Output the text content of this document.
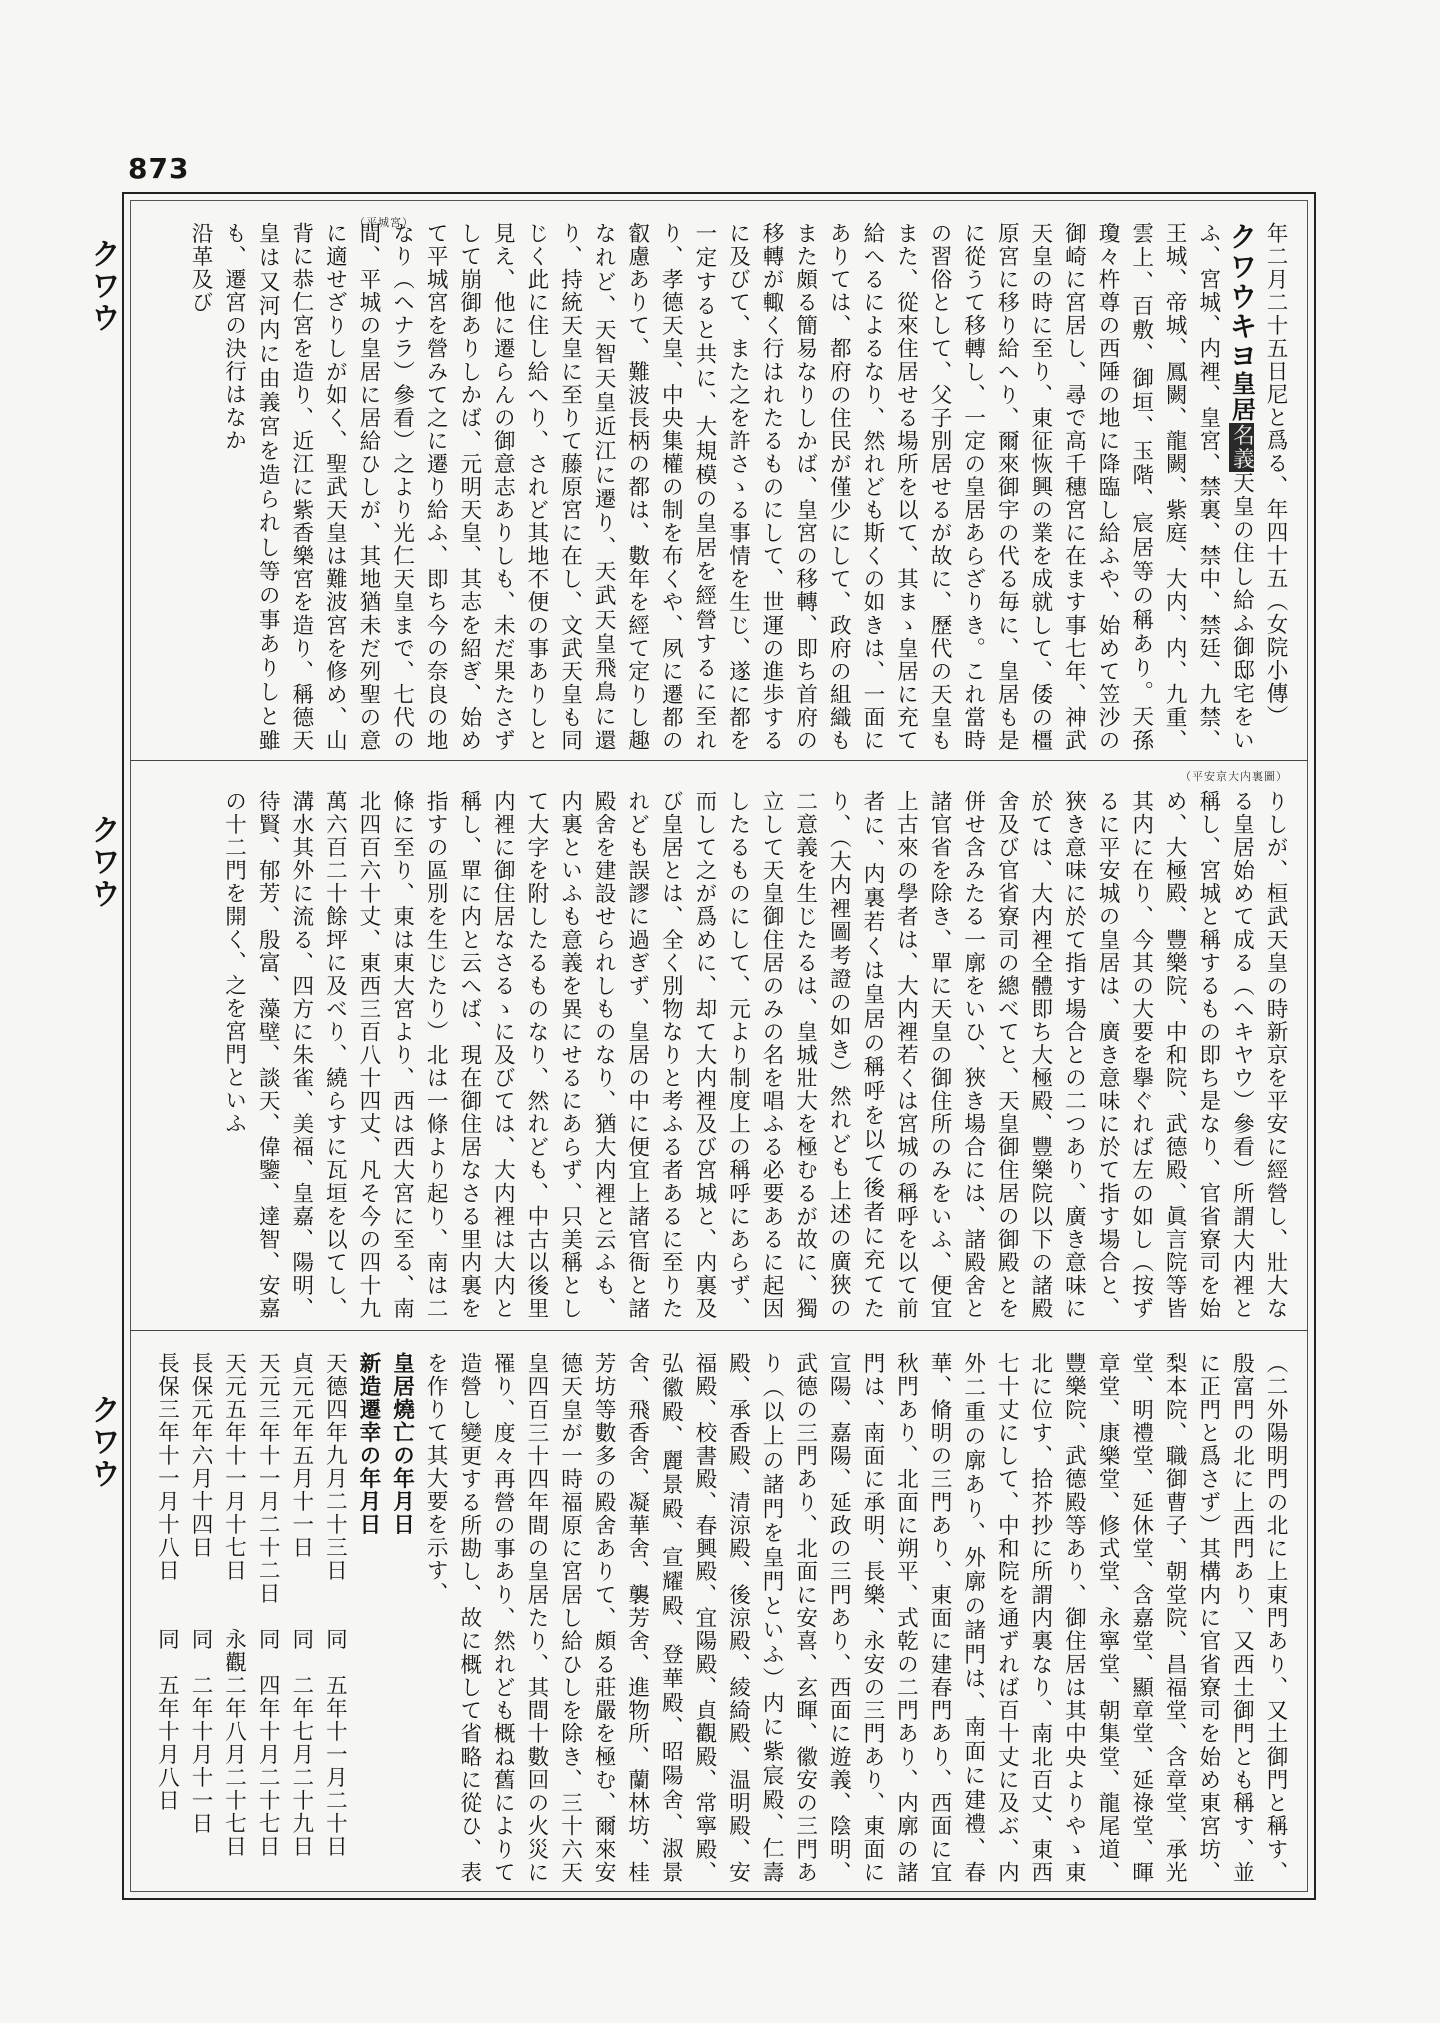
873
クワウ
クワウ
クワウ
（平城宮）
（平安京大内裏圖）

年二月二十五日尼と爲る、年四十五（女院小傳）

クワウキヨ皇居名義天皇の住し給ふ御邸宅をいふ、宮城、内裡、皇宮、禁裏、禁中、禁廷、九禁、王城、帝城、鳳闕、龍闕、紫庭、大内、内、九重、雲上、百敷、御垣、玉階、宸居等の稱あり。天孫瓊々杵尊の西陲の地に降臨し給ふや、始めて笠沙の御崎に宮居し、尋で高千穗宮に在ます事七年、神武天皇の時に至り、東征恢興の業を成就して、倭の橿原宮に移り給へり、爾來御宇の代る毎に、皇居も是に從うて移轉し、一定の皇居あらざりき。これ當時の習俗として、父子別居せるが故に、歷代の天皇もまた、從來住居せる場所を以て、其まゝ皇居に充て給へるによるなり、然れども斯くの如きは、一面にありては、都府の住民が僅少にして、政府の組織もまた頗る簡易なりしかば、皇宮の移轉、即ち首府の移轉が輙く行はれたるものにして、世運の進歩するに及びて、また之を許さゝる事情を生じ、遂に都を一定すると共に、大規模の皇居を經營するに至れり、孝德天皇、中央集權の制を布くや、夙に遷都の叡慮ありて、難波長柄の都は、數年を經て定りし趣なれど、天智天皇近江に遷り、天武天皇飛鳥に還り、持統天皇に至りて藤原宮に在し、文武天皇も同じく此に住し給へり、されど其地不便の事ありしと見え、他に遷らんの御意志ありしも、未だ果たさずして崩御ありしかば、元明天皇、其志を紹ぎ、始めて平城宮を營みて之に遷り給ふ、即ち今の奈良の地なり（ヘナラ）參看）之より光仁天皇まで、七代の間、平城の皇居に居給ひしが、其地猶未だ列聖の意に適せざりしが如く、聖武天皇は難波宮を修め、山背に恭仁宮を造り、近江に紫香樂宮を造り、稱德天皇は又河内に由義宮を造られし等の事ありしと雖も、遷宮の決行はなか

沿革及び

りしが、桓武天皇の時新京を平安に經營し、壯大なる皇居始めて成る（ヘキヤウ）參看）所謂大内裡と稱し、宮城と稱するもの即ち是なり、官省寮司を始め、大極殿、豐樂院、中和院、武德殿、眞言院等皆其内に在り、今其の大要を擧ぐれば左の如し（按ずるに平安城の皇居は、廣き意味に於て指す場合と、狹き意味に於て指す場合との二つあり、廣き意味に於ては、大内裡全體即ち大極殿、豐樂院以下の諸殿舍及び官省寮司の總べてと、天皇御住居の御殿とを併せ含みたる一廓をいひ、狹き場合には、諸殿舍と諸官省を除き、單に天皇の御住所のみをいふ、便宜上古來の學者は、大内裡若くは宮城の稱呼を以て前者に、内裏若くは皇居の稱呼を以て後者に充てたり、（大内裡圖考證の如き）然れども上述の廣狹の二意義を生じたるは、皇城壯大を極むるが故に、獨立して天皇御住居のみの名を唱ふる必要あるに起因したるものにして、元より制度上の稱呼にあらず、而して之が爲めに、却て大内裡及び宮城と、内裏及び皇居とは、全く別物なりと考ふる者あるに至りたれども誤謬に過ぎず、皇居の中に便宜上諸官衙と諸殿舍を建設せられしものなり、猶大内裡と云ふも、内裏といふも意義を異にせるにあらず、只美稱として大字を附したるものなり、然れども、中古以後里内裡に御住居なさるゝに及びては、大内裡は大内と稱し、單に内と云へば、現在御住居なさる里内裏を指すの區別を生じたり）北は一條より起り、南は二條に至り、東は東大宮より、西は西大宮に至る、南北四百六十丈、東西三百八十四丈、凡そ今の四十九萬六百二十餘坪に及べり、繞らすに瓦垣を以てし、溝水其外に流る、四方に朱雀、美福、皇嘉、陽明、待賢、郁芳、殷富、藻壁、談天、偉鑒、達智、安嘉の十二門を開く、之を宮門といふ

（二外陽明門の北に上東門あり、又土御門と稱す、殷富門の北に上西門あり、又西土御門とも稱す、並に正門と爲さず）其構内に官省寮司を始め東宮坊、梨本院、職御曹子、朝堂院、昌福堂、含章堂、承光堂、明禮堂、延休堂、含嘉堂、顯章堂、延祿堂、暉章堂、康樂堂、修式堂、永寧堂、朝集堂、龍尾道、豐樂院、武德殿等あり、御住居は其中央よりやゝ東北に位す、拾芥抄に所謂内裏なり、南北百丈、東西七十丈にして、中和院を通ずれば百十丈に及ぶ、内外二重の廓あり、外廓の諸門は、南面に建禮、春華、脩明の三門あり、東面に建春門あり、西面に宜秋門あり、北面に朔平、式乾の二門あり、内廓の諸門は、南面に承明、長樂、永安の三門あり、東面に宣陽、嘉陽、延政の三門あり、西面に遊義、陰明、武德の三門あり、北面に安喜、玄暉、徽安の三門あり（以上の諸門を皇門といふ）内に紫宸殿、仁壽殿、承香殿、清涼殿、後涼殿、綾綺殿、温明殿、安福殿、校書殿、春興殿、宜陽殿、貞觀殿、常寧殿、弘徽殿、麗景殿、宣耀殿、登華殿、昭陽舍、淑景舍、飛香舍、凝華舍、襲芳舍、進物所、蘭林坊、桂芳坊等數多の殿舍ありて、頗る莊嚴を極む、爾來安德天皇が一時福原に宮居し給ひしを除き、三十六天皇四百三十四年間の皇居たり、其間十數回の火災に罹り、度々再營の事あり、然れども概ね舊によりて造營し變更する所勘し、故に概して省略に從ひ、表を作りて其大要を示す、

皇居燒亡の年月日
新造遷幸の年月日
天德四年九月二十三日　　同　五年十一月二十日
貞元元年五月十一日　　　同　二年七月二十九日
天元三年十一月二十二日　同　四年十月二十七日
天元五年十一月十七日　　永觀二年八月二十七日
長保元年六月十四日　　　同　二年十月十一日
長保三年十一月十八日　　同　五年十月八日
